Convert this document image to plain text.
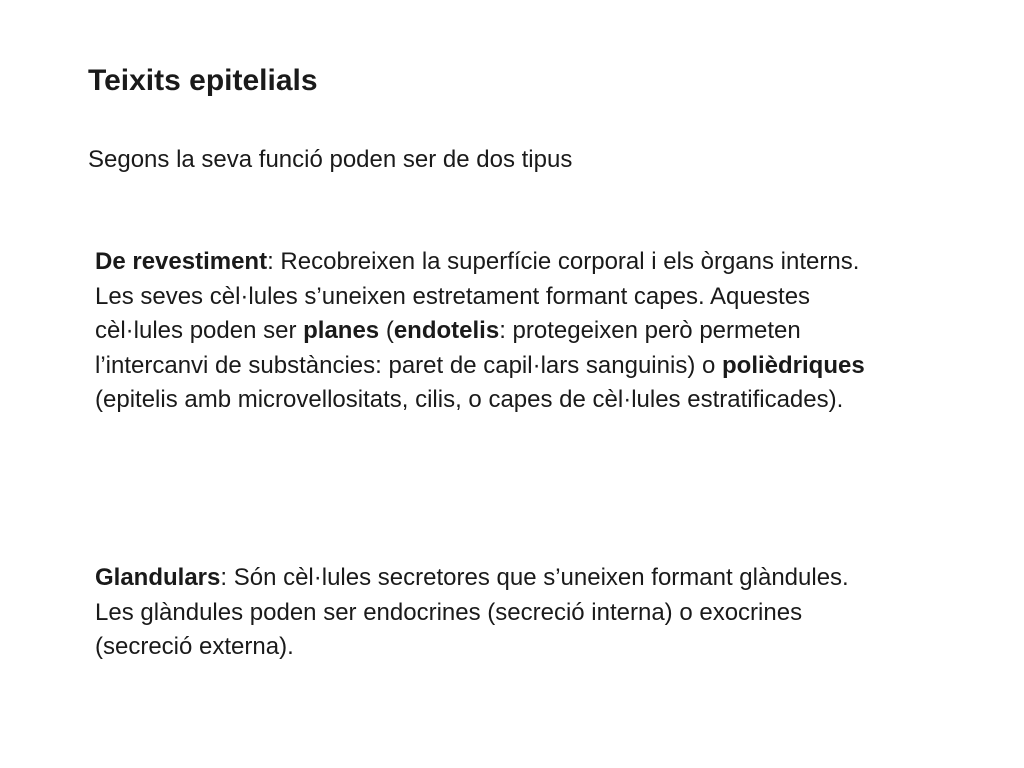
Teixits epitelials

Segons la seva funció poden ser de dos tipus

De revestiment: Recobreixen la superfície corporal i els òrgans interns. Les seves cèl·lules s’uneixen estretament formant capes. Aquestes cèl·lules poden ser planes (endotelis: protegeixen però permeten l’intercanvi de substàncies: paret de capil·lars sanguinis) o polièdriques (epitelis amb microvellositats, cilis, o capes de cèl·lules estratificades).

Glandulars: Són cèl·lules secretores que s’uneixen formant glàndules. Les glàndules poden ser endocrines (secreció interna) o exocrines (secreció externa).
